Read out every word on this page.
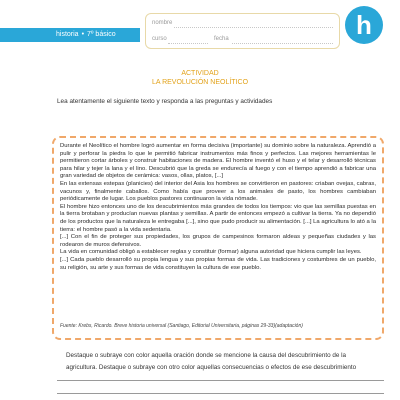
nombre
curso	fecha	h
historia • 7º básico
ACTIVIDAD
LA REVOLUCIÓN NEOLÍTICO
Lea atentamente el siguiente texto y responda a las preguntas y actividades

Durante el Neolítico el hombre logró aumentar en forma decisiva (importante) su dominio sobre la naturaleza. Aprendió a pulir y perforar la piedra lo que le permitió fabricar instrumentos más finos y perfectos. Las mejores herramientas le permitieron cortar árboles y construir habitaciones de madera. El hombre inventó el huso y el telar y desarrolló técnicas para hilar y tejer la lana y el lino. Descubrió que la greda se endurecía al fuego y con el tiempo aprendió a fabricar una gran variedad de objetos de cerámica: vasos, ollas, platos, [...]

En las extensas estepas (planicies) del interior del Asia los hombres se convirtieron en pastores: criaban ovejas, cabras, vacunos y, finalmente caballos. Como había que proveer a los animales de pasto, los hombres cambiaban periódicamente de lugar. Los pueblos pastores continuaron la vida nómade.

El hombre hizo entonces uno de los descubrimientos más grandes de todos los tiempos: vio que las semillas puestas en la tierra brotaban y producían nuevas plantas y semillas. A partir de entonces empezó a cultivar la tierra. Ya no dependió de los productos que la naturaleza le entregaba [...], sino que pudo producir su alimentación. [...] La agricultura lo ató a la tierra: el hombre pasó a la vida sedentaria.

[...] Con el fin de proteger sus propiedades, los grupos de campesinos formaron aldeas y pequeñas ciudades y las rodearon de muros defensivos.

La vida en comunidad obligó a establecer reglas y constituir (formar) alguna autoridad que hiciera cumplir las leyes.

[...] Cada pueblo desarrolló su propia lengua y sus propias formas de vida. Las tradiciones y costumbres de un pueblo, su religión, su arte y sus formas de vida constituyen la cultura de ese pueblo.

Fuente: Krebs, Ricardo. Breve historia universal (Santiago, Editorial Universitaria, páginas 29-33)(adaptación)
Destaque o subraye con color aquella oración donde se mencione la causa del descubrimiento de la
agricultura. Destaque o subraye con otro color aquellas consecuencias o efectos de ese descubrimiento
